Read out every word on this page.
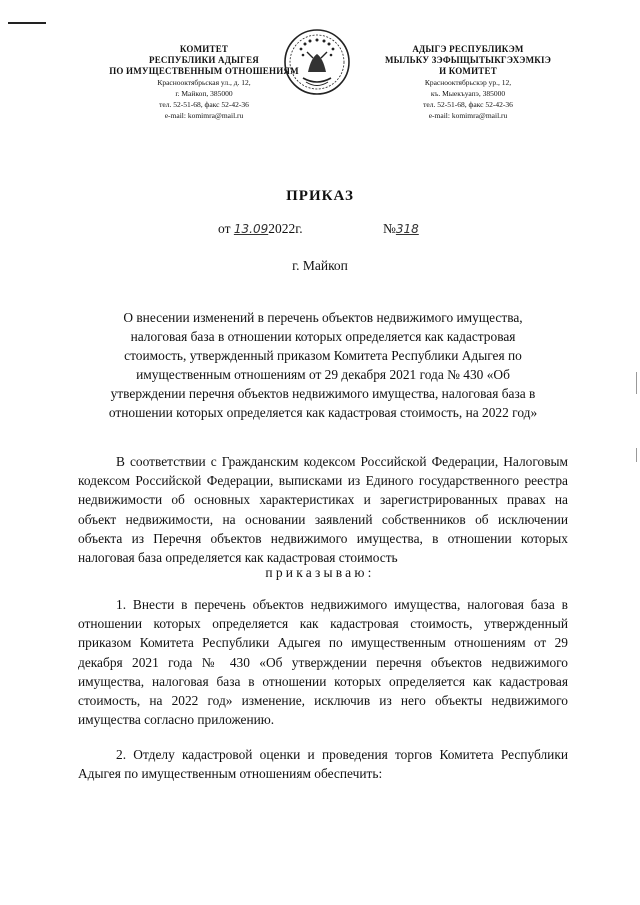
КОМИТЕТ
РЕСПУБЛИКИ АДЫГЕЯ
ПО ИМУЩЕСТВЕННЫМ ОТНОШЕНИЯМ
Краснооктябрьская ул., д. 12,
г. Майкоп, 385000
тел. 52-51-68, факс 52-42-36
e-mail: komimra@mail.ru
АДЫГЭ РЕСПУБЛИКЭМ
МЫЛЬКУ ЗЭФЫЩЫТЫКГЭХЭМКІЭ
И КОМИТЕТ
Краснооктябрьскэр ур., 12,
къ. Мыекъуапэ, 385000
тел. 52-51-68, факс 52-42-36
e-mail: komimra@mail.ru
ПРИКАЗ
от 13.092022г.	№318
г. Майкоп
О внесении изменений в перечень объектов недвижимого имущества,
налоговая база в отношении которых определяется как кадастровая
стоимость, утвержденный приказом Комитета Республики Адыгея по
имущественным отношениям от 29 декабря 2021 года № 430 «Об
утверждении перечня объектов недвижимого имущества, налоговая база в
отношении которых определяется как кадастровая стоимость, на 2022 год»
В соответствии с Гражданским кодексом Российской Федерации, Налоговым кодексом Российской Федерации, выписками из Единого государственного реестра недвижимости об основных характеристиках и зарегистрированных правах на объект недвижимости, на основании заявлений собственников об исключении объекта из Перечня объектов недвижимого имущества, в отношении которых налоговая база определяется как кадастровая стоимость
приказываю:
1. Внести в перечень объектов недвижимого имущества, налоговая база в отношении которых определяется как кадастровая стоимость, утвержденный приказом Комитета Республики Адыгея по имущественным отношениям от 29 декабря 2021 года № 430 «Об утверждении перечня объектов недвижимого имущества, налоговая база в отношении которых определяется как кадастровая стоимость, на 2022 год» изменение, исключив из него объекты недвижимого имущества согласно приложению.
2. Отделу кадастровой оценки и проведения торгов Комитета Республики Адыгея по имущественным отношениям обеспечить:
